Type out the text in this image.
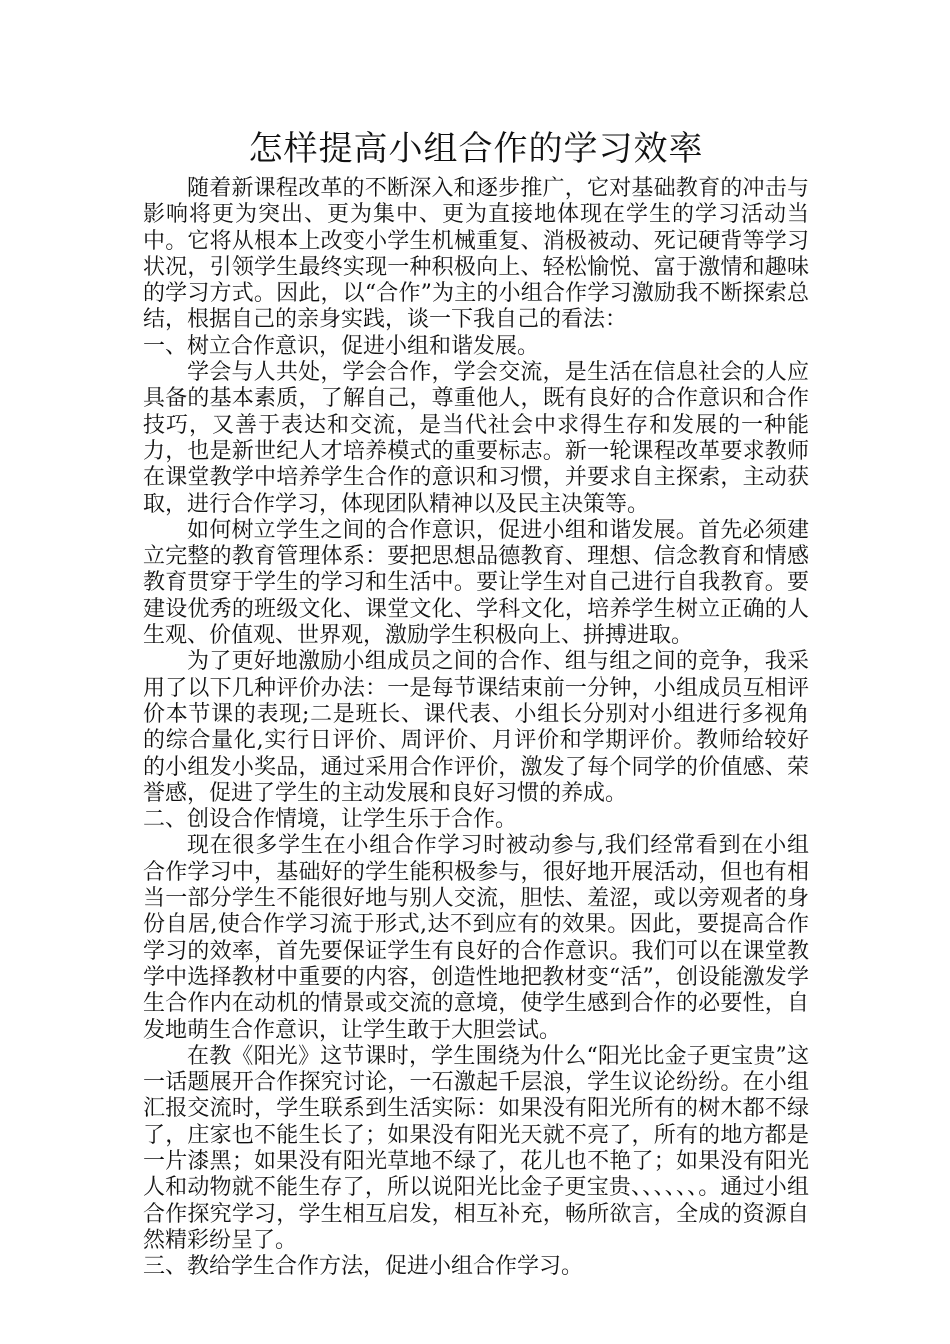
怎样提高小组合作的学习效率

随着新课程改革的不断深入和逐步推广，它对基础教育的冲击与影响将更为突出、更为集中、更为直接地体现在学生的学习活动当中。它将从根本上改变小学生机械重复、消极被动、死记硬背等学习状况，引领学生最终实现一种积极向上、轻松愉悦、富于激情和趣味的学习方式。因此，以“合作”为主的小组合作学习激励我不断探索总结，根据自己的亲身实践，谈一下我自己的看法：

一、树立合作意识，促进小组和谐发展。

学会与人共处，学会合作，学会交流，是生活在信息社会的人应具备的基本素质，了解自己，尊重他人，既有良好的合作意识和合作技巧，又善于表达和交流，是当代社会中求得生存和发展的一种能力，也是新世纪人才培养模式的重要标志。新一轮课程改革要求教师在课堂教学中培养学生合作的意识和习惯，并要求自主探索，主动获取，进行合作学习，体现团队精神以及民主决策等。

如何树立学生之间的合作意识，促进小组和谐发展。首先必须建立完整的教育管理体系：要把思想品德教育、理想、信念教育和情感教育贯穿于学生的学习和生活中。要让学生对自己进行自我教育。要建设优秀的班级文化、课堂文化、学科文化，培养学生树立正确的人生观、价值观、世界观，激励学生积极向上、拼搏进取。

为了更好地激励小组成员之间的合作、组与组之间的竞争，我采用了以下几种评价办法：一是每节课结束前一分钟，小组成员互相评价本节课的表现;二是班长、课代表、小组长分别对小组进行多视角的综合量化,实行日评价、周评价、月评价和学期评价。教师给较好的小组发小奖品，通过采用合作评价，激发了每个同学的价值感、荣誉感，促进了学生的主动发展和良好习惯的养成。

二、创设合作情境，让学生乐于合作。

现在很多学生在小组合作学习时被动参与,我们经常看到在小组合作学习中，基础好的学生能积极参与，很好地开展活动，但也有相当一部分学生不能很好地与别人交流，胆怯、羞涩，或以旁观者的身份自居,使合作学习流于形式,达不到应有的效果。因此，要提高合作学习的效率，首先要保证学生有良好的合作意识。我们可以在课堂教学中选择教材中重要的内容，创造性地把教材变“活”，创设能激发学生合作内在动机的情景或交流的意境，使学生感到合作的必要性，自发地萌生合作意识，让学生敢于大胆尝试。

在教《阳光》这节课时，学生围绕为什么“阳光比金子更宝贵”这一话题展开合作探究讨论，一石激起千层浪，学生议论纷纷。在小组汇报交流时，学生联系到生活实际：如果没有阳光所有的树木都不绿了，庄家也不能生长了；如果没有阳光天就不亮了，所有的地方都是一片漆黑；如果没有阳光草地不绿了，花儿也不艳了；如果没有阳光人和动物就不能生存了，所以说阳光比金子更宝贵、、、、、、。通过小组合作探究学习，学生相互启发，相互补充，畅所欲言，全成的资源自然精彩纷呈了。

三、教给学生合作方法，促进小组合作学习。
